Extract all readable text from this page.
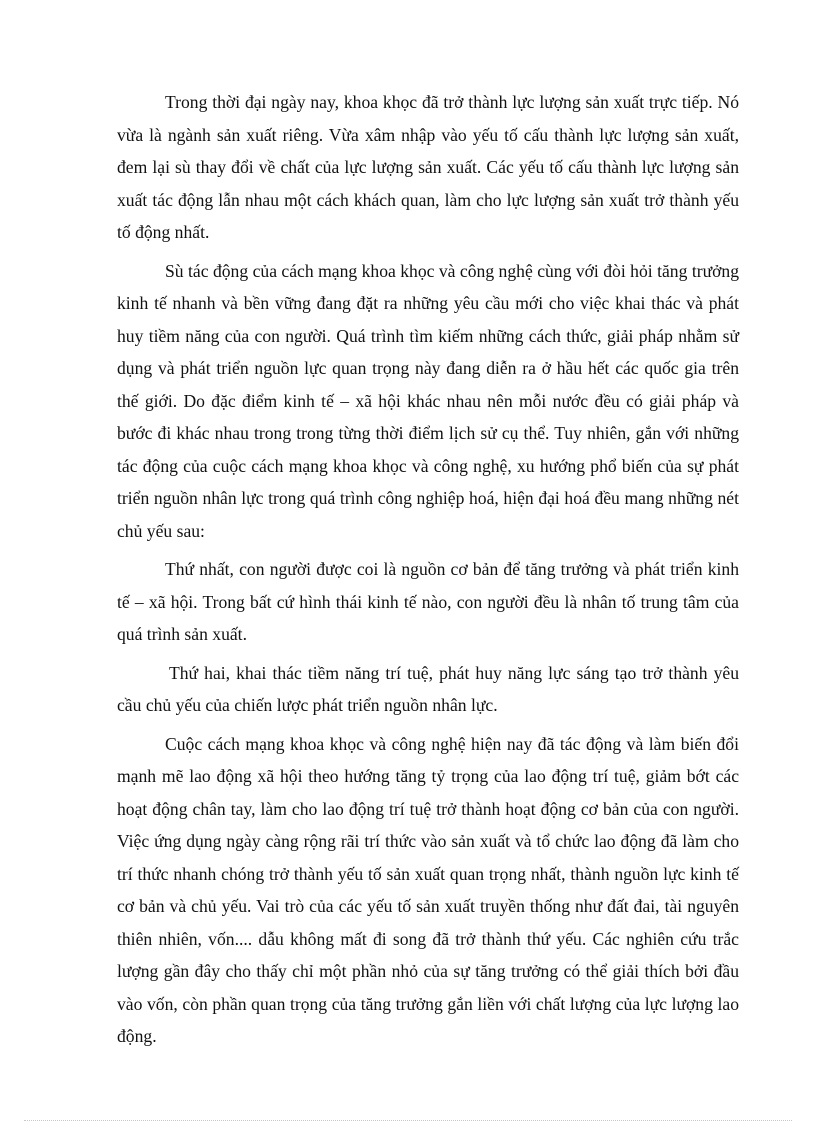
Trong thời đại ngày nay, khoa khọc đã trở thành lực lượng sản xuất trực tiếp. Nó vừa là ngành sản xuất riêng. Vừa xâm nhập vào yếu tố cấu thành lực lượng sản xuất, đem lại sù thay đổi về chất của lực lượng sản xuất. Các yếu tố cấu thành lực lượng sản xuất tác động lẫn nhau một cách khách quan, làm cho lực lượng sản xuất trở thành yếu tố động nhất.

Sù tác động của cách mạng khoa khọc và công nghệ cùng với đòi hỏi tăng trưởng kinh tế nhanh và bền vững đang đặt ra những yêu cầu mới cho việc khai thác và phát huy tiềm năng của con người. Quá trình tìm kiếm những cách thức, giải pháp nhằm sử dụng và phát triển nguồn lực quan trọng này đang diễn ra ở hầu hết các quốc gia trên thế giới. Do đặc điểm kinh tế – xã hội khác nhau nên mỗi nước đều có giải pháp và bước đi khác nhau trong trong từng thời điểm lịch sử cụ thể. Tuy nhiên, gắn với những tác động của cuộc cách mạng khoa khọc và công nghệ, xu hướng phổ biến của sự phát triển nguồn nhân lực trong quá trình công nghiệp hoá, hiện đại hoá đều mang những nét chủ yếu sau:

Thứ nhất, con người được coi là nguồn cơ bản để tăng trưởng và phát triển kinh tế – xã hội. Trong bất cứ hình thái kinh tế nào, con người đều là nhân tố trung tâm của quá trình sản xuất.

Thứ hai, khai thác tiềm năng trí tuệ, phát huy năng lực sáng tạo trở thành yêu cầu chủ yếu của chiến lược phát triển nguồn nhân lực.

Cuộc cách mạng khoa khọc và công nghệ hiện nay đã tác động và làm biến đổi mạnh mẽ lao động xã hội theo hướng tăng tỷ trọng của lao động trí tuệ, giảm bớt các hoạt động chân tay, làm cho lao động trí tuệ trở thành hoạt động cơ bản của con người. Việc ứng dụng ngày càng rộng rãi trí thức vào sản xuất và tổ chức lao động đã làm cho trí thức nhanh chóng trở thành yếu tố sản xuất quan trọng nhất, thành nguồn lực kinh tế cơ bản và chủ yếu. Vai trò của các yếu tố sản xuất truyền thống như đất đai, tài nguyên thiên nhiên, vốn.... dẫu không mất đi song đã trở thành thứ yếu. Các nghiên cứu trắc lượng gần đây cho thấy chỉ một phần nhỏ của sự tăng trưởng có thể giải thích bởi đầu vào vốn, còn phần quan trọng của tăng trưởng gắn liền với chất lượng của lực lượng lao động.
